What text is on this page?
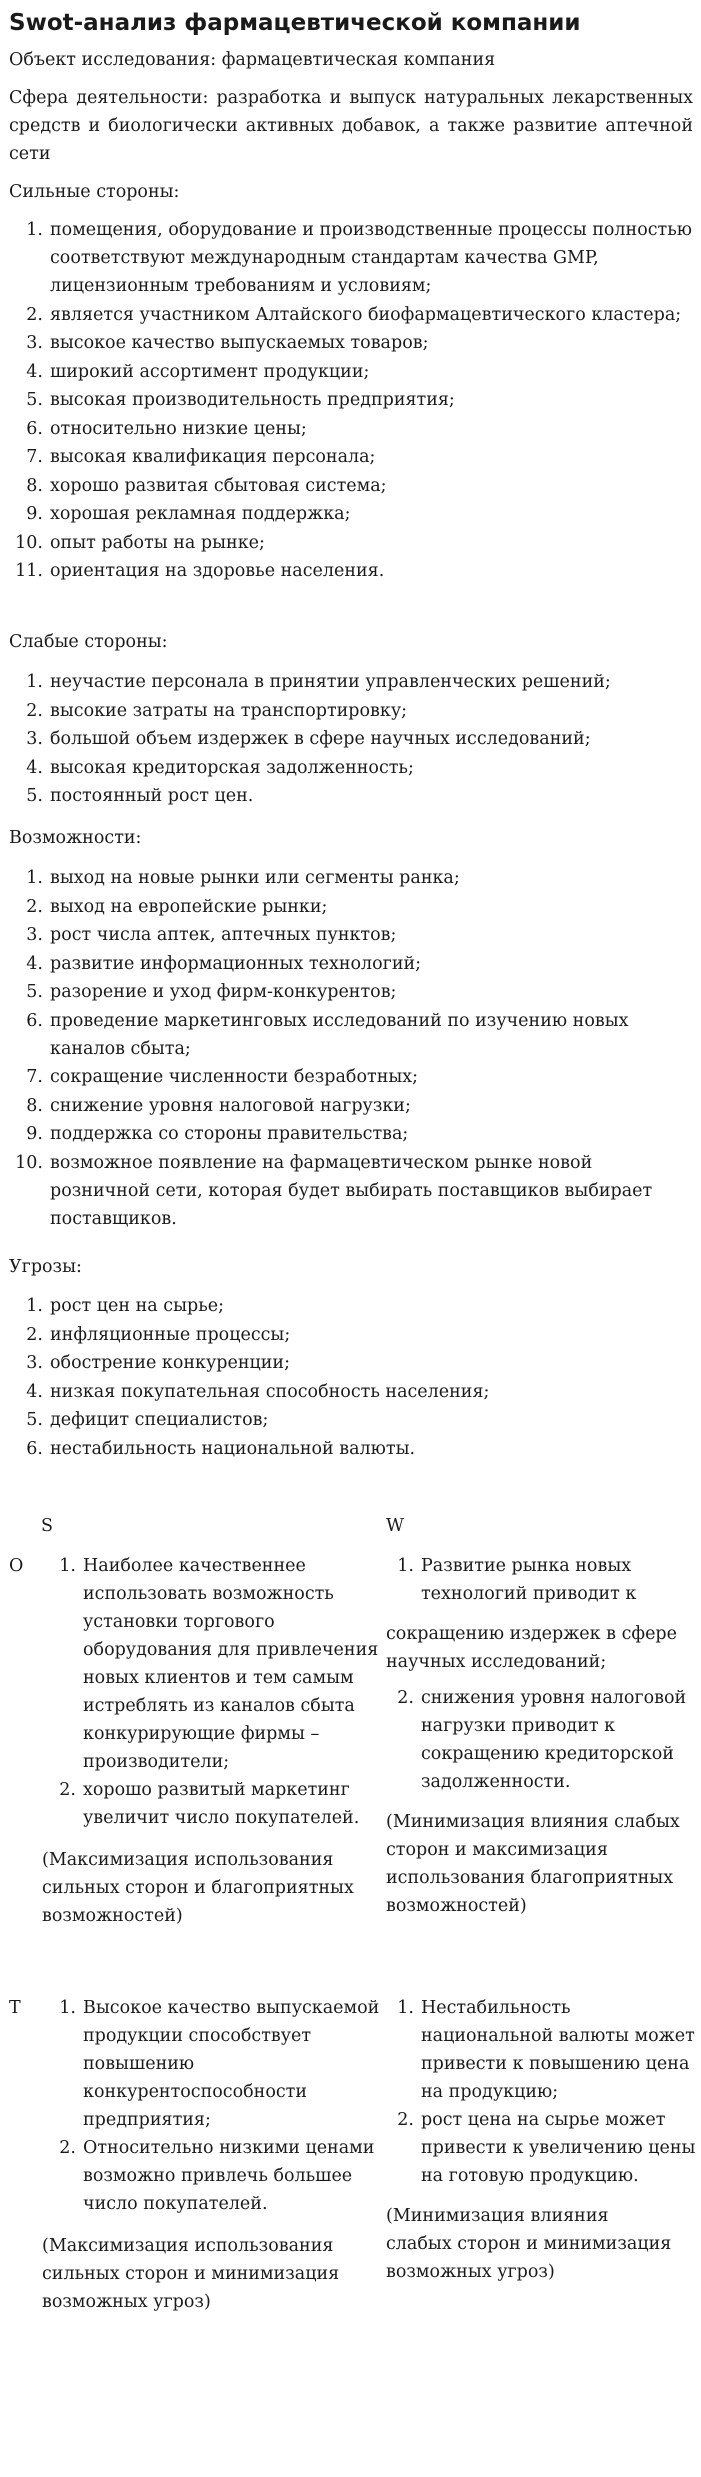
Swot-анализ фармацевтической компании
Объект исследования: фармацевтическая компания
Сфера деятельности: разработка и выпуск натуральных лекарственных средств и биологически активных добавок, а также развитие аптечной сети
Сильные стороны:
1. помещения, оборудование и производственные процессы полностью соответствуют международным стандартам качества GMP, лицензионным требованиям и условиям;
2. является участником Алтайского биофармацевтического кластера;
3. высокое качество выпускаемых товаров;
4. широкий ассортимент продукции;
5. высокая производительность предприятия;
6. относительно низкие цены;
7. высокая квалификация персонала;
8. хорошо развитая сбытовая система;
9. хорошая рекламная поддержка;
10. опыт работы на рынке;
11. ориентация на здоровье населения.
Слабые стороны:
1. неучастие персонала в принятии управленческих решений;
2. высокие затраты на транспортировку;
3. большой объем издержек в сфере научных исследований;
4. высокая кредиторская задолженность;
5. постоянный рост цен.
Возможности:
1. выход на новые рынки или сегменты ранка;
2. выход на европейские рынки;
3. рост числа аптек, аптечных пунктов;
4. развитие информационных технологий;
5. разорение и уход фирм-конкурентов;
6. проведение маркетинговых исследований по изучению новых каналов сбыта;
7. сокращение численности безработных;
8. снижение уровня налоговой нагрузки;
9. поддержка со стороны правительства;
10. возможное появление на фармацевтическом рынке новой розничной сети, которая будет выбирать поставщиков выбирает поставщиков.
Угрозы:
1. рост цен на сырье;
2. инфляционные процессы;
3. обострение конкуренции;
4. низкая покупательная способность населения;
5. дефицит специалистов;
6. нестабильность национальной валюты.
S	W
O
T
1. Наиболее качественнее использовать возможность установки торгового оборудования для привлечения новых клиентов и тем самым истреблять из каналов сбыта конкурирующие фирмы – производители;
2. хорошо развитый маркетинг увеличит число покупателей.
(Максимизация использования сильных сторон и благоприятных возможностей)
1. Развитие рынка новых технологий приводит к
сокращению издержек в сфере научных исследований;
2. снижения уровня налоговой нагрузки приводит к сокращению кредиторской задолженности.
(Минимизация влияния слабых сторон и максимизация использования благоприятных возможностей)
1. Высокое качество выпускаемой продукции способствует повышению конкурентоспособности предприятия;
2. Относительно низкими ценами возможно привлечь большее число покупателей.
(Максимизация использования сильных сторон и минимизация возможных угроз)
1. Нестабильность национальной валюты может привести к повышению цена на продукцию;
2. рост цена на сырье может привести к увеличению цены на готовую продукцию.
(Минимизация влияния слабых сторон и минимизация возможных угроз)
